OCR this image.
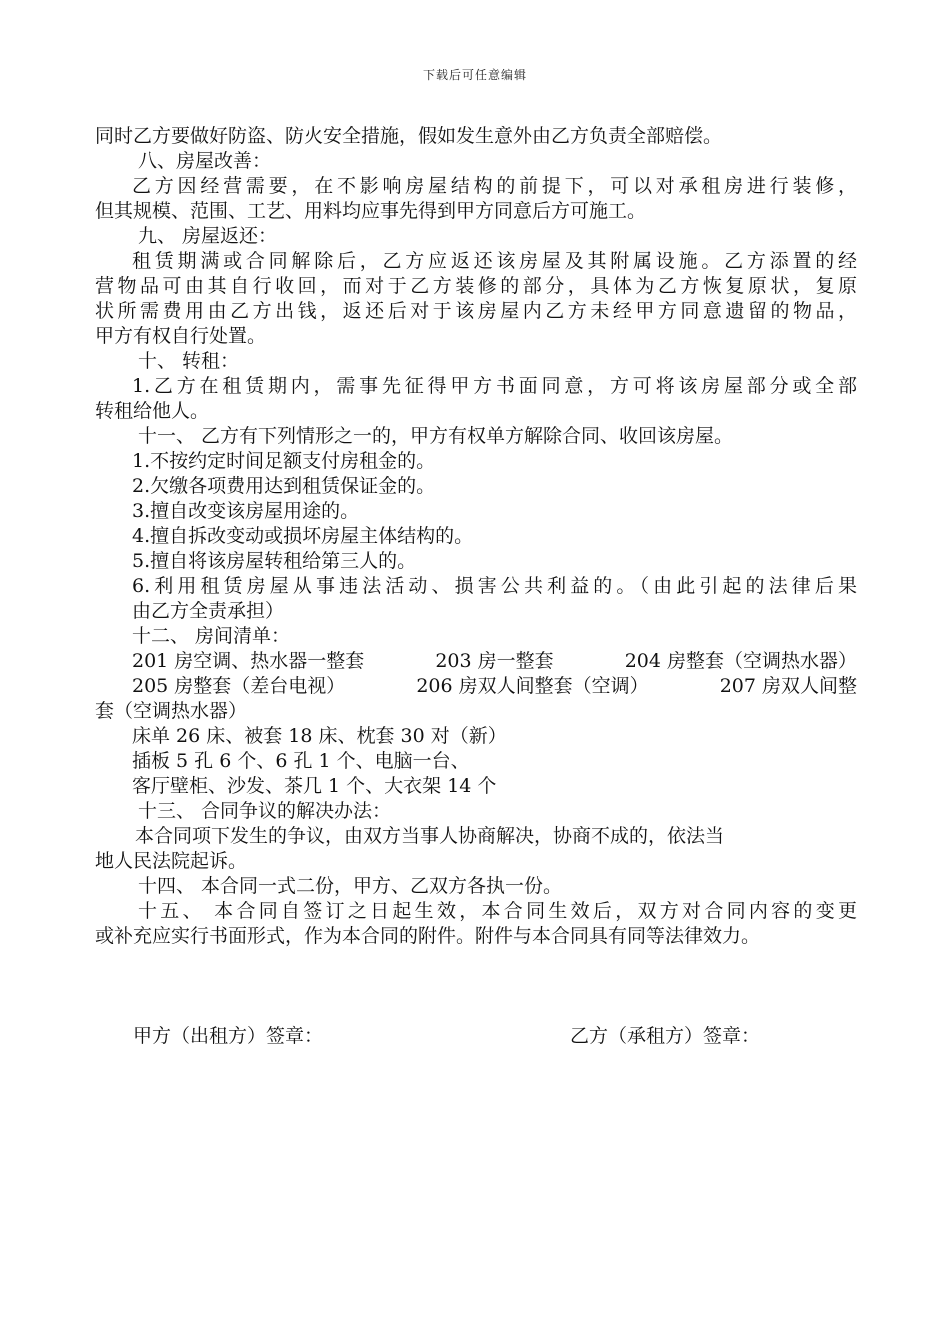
下载后可任意编辑
同时乙方要做好防盗、防火安全措施，假如发生意外由乙方负责全部赔偿。
八、房屋改善：
乙方因经营需要，在不影响房屋结构的前提下，可以对承租房进行装修，
但其规模、范围、工艺、用料均应事先得到甲方同意后方可施工。
九、 房屋返还：
租赁期满或合同解除后，乙方应返还该房屋及其附属设施。乙方添置的经
营物品可由其自行收回，而对于乙方装修的部分，具体为乙方恢复原状，复原
状所需费用由乙方出钱，返还后对于该房屋内乙方未经甲方同意遗留的物品，
甲方有权自行处置。
十、 转租：
1.乙方在租赁期内，需事先征得甲方书面同意，方可将该房屋部分或全部
转租给他人。
十一、 乙方有下列情形之一的，甲方有权单方解除合同、收回该房屋。
1.不按约定时间足额支付房租金的。
2.欠缴各项费用达到租赁保证金的。
3.擅自改变该房屋用途的。
4.擅自拆改变动或损坏房屋主体结构的。
5.擅自将该房屋转租给第三人的。
6.利用租赁房屋从事违法活动、损害公共利益的。（由此引起的法律后果
由乙方全责承担）
十二、 房间清单：
201 房空调、热水器一整套	203 房一整套	204 房整套（空调热水器）
205 房整套（差台电视）	206 房双人间整套（空调）	207 房双人间整
套（空调热水器）
床单 26 床、被套 18 床、枕套 30 对（新）
插板 5 孔 6 个、6 孔 1 个、电脑一台、
客厅壁柜、沙发、茶几 1 个、大衣架 14 个
十三、 合同争议的解决办法：
本合同项下发生的争议，由双方当事人协商解决，协商不成的，依法当
地人民法院起诉。
十四、 本合同一式二份，甲方、乙双方各执一份。
十五、 本合同自签订之日起生效，本合同生效后，双方对合同内容的变更
或补充应实行书面形式，作为本合同的附件。附件与本合同具有同等法律效力。
甲方（出租方）签章：	乙方（承租方）签章：
